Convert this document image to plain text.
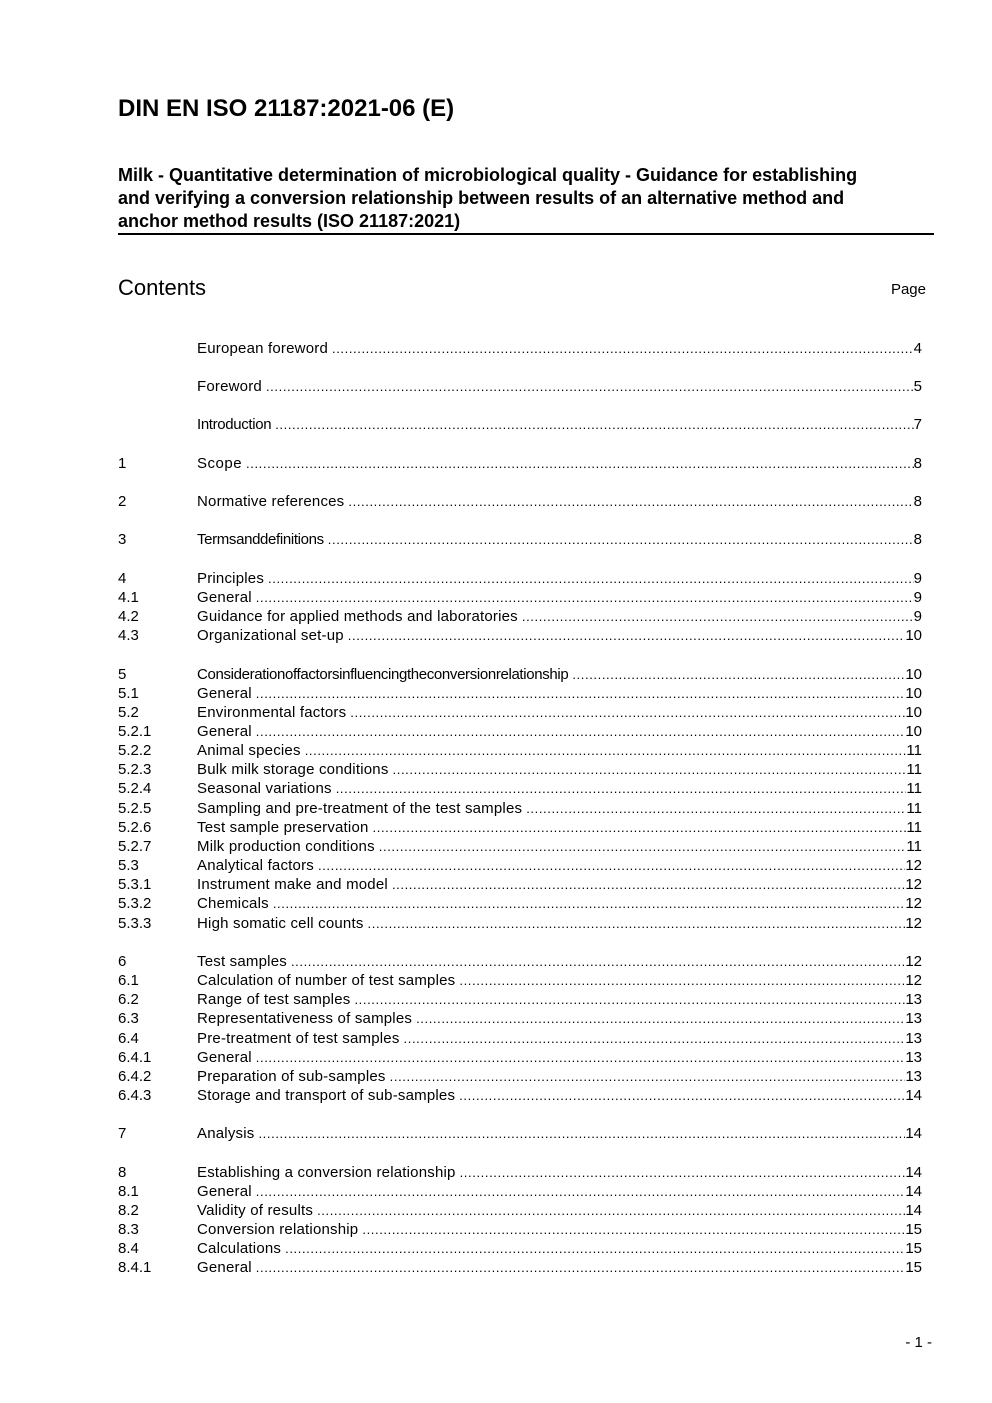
DIN EN ISO 21187:2021-06 (E)
Milk - Quantitative determination of microbiological quality - Guidance for establishing and verifying a conversion relationship between results of an alternative method and anchor method results (ISO 21187:2021)
Contents	Page
European foreword .....	4
Foreword .....	5
Introduction .....	7
1	Scope .....	8
2	Normative references .....	8
3	Termsanddefinitions .....	8
4	Principles .....	9
4.1	General .....	9
4.2	Guidance for applied methods and laboratories .....	9
4.3	Organizational set-up .....	10
5	Considerationoffactorsinfluencingtheconversionrelationship .....	10
5.1	General .....	10
5.2	Environmental factors .....	10
5.2.1	General .....	10
5.2.2	Animal species .....	11
5.2.3	Bulk milk storage conditions .....	11
5.2.4	Seasonal variations .....	11
5.2.5	Sampling and pre-treatment of the test samples .....	11
5.2.6	Test sample preservation .....	11
5.2.7	Milk production conditions .....	11
5.3	Analytical factors .....	12
5.3.1	Instrument make and model .....	12
5.3.2	Chemicals .....	12
5.3.3	High somatic cell counts .....	12
6	Test samples .....	12
6.1	Calculation of number of test samples .....	12
6.2	Range of test samples .....	13
6.3	Representativeness of samples .....	13
6.4	Pre-treatment of test samples .....	13
6.4.1	General .....	13
6.4.2	Preparation of sub-samples .....	13
6.4.3	Storage and transport of sub-samples .....	14
7	Analysis .....	14
8	Establishing a conversion relationship .....	14
8.1	General .....	14
8.2	Validity of results .....	14
8.3	Conversion relationship .....	15
8.4	Calculations .....	15
8.4.1	General .....	15
- 1 -
